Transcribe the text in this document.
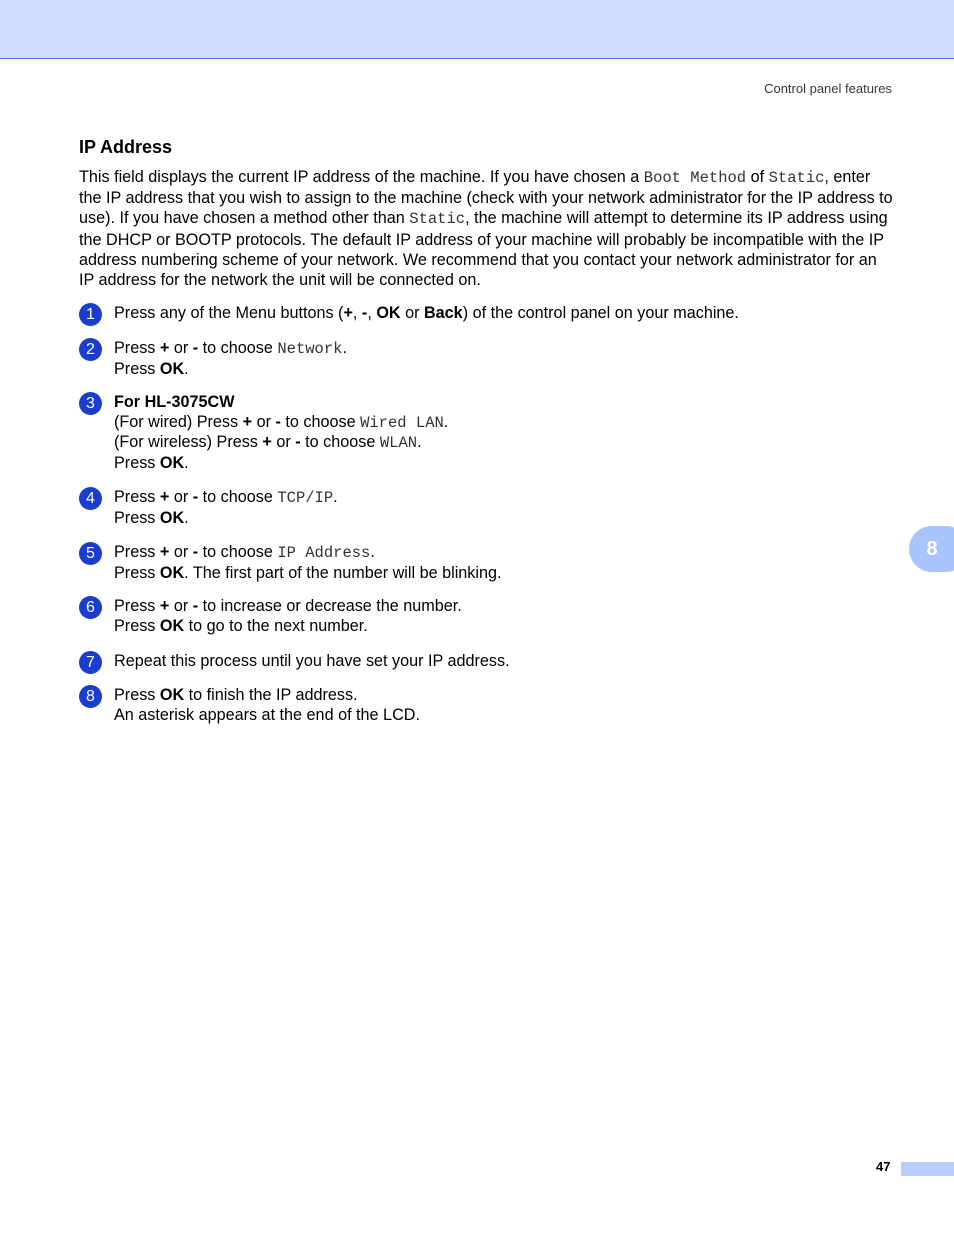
Control panel features
8
IP Address

This field displays the current IP address of the machine. If you have chosen a Boot Method of Static, enter the IP address that you wish to assign to the machine (check with your network administrator for the IP address to use). If you have chosen a method other than Static, the machine will attempt to determine its IP address using the DHCP or BOOTP protocols. The default IP address of your machine will probably be incompatible with the IP address numbering scheme of your network. We recommend that you contact your network administrator for an IP address for the network the unit will be connected on.

1	Press any of the Menu buttons (+, -, OK or Back) of the control panel on your machine.
2	Press + or - to choose Network.
Press OK.
3	For HL-3075CW
(For wired) Press + or - to choose Wired LAN.
(For wireless) Press + or - to choose WLAN.
Press OK.
4	Press + or - to choose TCP/IP.
Press OK.
5	Press + or - to choose IP Address.
Press OK. The first part of the number will be blinking.
6	Press + or - to increase or decrease the number.
Press OK to go to the next number.
7	Repeat this process until you have set your IP address.
8	Press OK to finish the IP address.
An asterisk appears at the end of the LCD.
47
